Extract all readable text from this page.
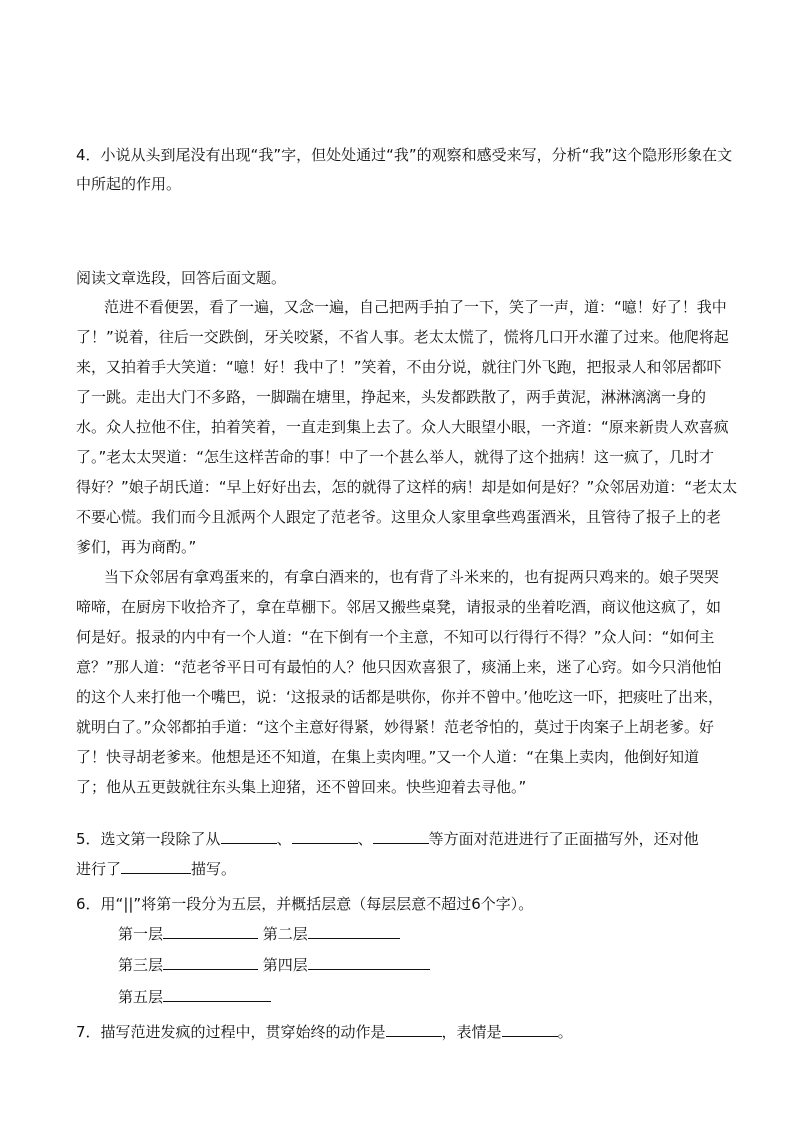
4．小说从头到尾没有出现“我”字，但处处通过“我”的观察和感受来写，分析“我”这个隐形形象在文
中所起的作用。
阅读文章选段，回答后面文题。
范进不看便罢，看了一遍，又念一遍，自己把两手拍了一下，笑了一声，道：“噫！好了！我中
了！”说着，往后一交跌倒，牙关咬紧，不省人事。老太太慌了，慌将几口开水灌了过来。他爬将起
来，又拍着手大笑道：“噫！好！我中了！”笑着，不由分说，就往门外飞跑，把报录人和邻居都吓
了一跳。走出大门不多路，一脚踹在塘里，挣起来，头发都跌散了，两手黄泥，淋淋漓漓一身的
水。众人拉他不住，拍着笑着，一直走到集上去了。众人大眼望小眼，一齐道：“原来新贵人欢喜疯
了。”老太太哭道：“怎生这样苦命的事！中了一个甚么举人，就得了这个拙病！这一疯了，几时才
得好？”娘子胡氏道：“早上好好出去，怎的就得了这样的病！却是如何是好？”众邻居劝道：“老太太
不要心慌。我们而今且派两个人跟定了范老爷。这里众人家里拿些鸡蛋酒米，且管待了报子上的老
爹们，再为商酌。”
当下众邻居有拿鸡蛋来的，有拿白酒来的，也有背了斗米来的，也有捉两只鸡来的。娘子哭哭
啼啼，在厨房下收拾齐了，拿在草棚下。邻居又搬些桌凳，请报录的坐着吃酒，商议他这疯了，如
何是好。报录的内中有一个人道：“在下倒有一个主意，不知可以行得行不得？”众人问：“如何主
意？”那人道：“范老爷平日可有最怕的人？他只因欢喜狠了，痰涌上来，迷了心窍。如今只消他怕
的这个人来打他一个嘴巴，说：‘这报录的话都是哄你，你并不曾中。’他吃这一吓，把痰吐了出来，
就明白了。”众邻都拍手道：“这个主意好得紧，妙得紧！范老爷怕的，莫过于肉案子上胡老爹。好
了！快寻胡老爹来。他想是还不知道，在集上卖肉哩。”又一个人道：“在集上卖肉，他倒好知道
了；他从五更鼓就往东头集上迎猪，还不曾回来。快些迎着去寻他。”
5．选文第一段除了从	、	、	等方面对范进进行了正面描写外，还对他
进行了	描写。
6．用“||”将第一段分为五层，并概括层意（每层层意不超过6个字）。
第一层	第二层
第三层	第四层
第五层
7．描写范进发疯的过程中，贯穿始终的动作是	，表情是	。
